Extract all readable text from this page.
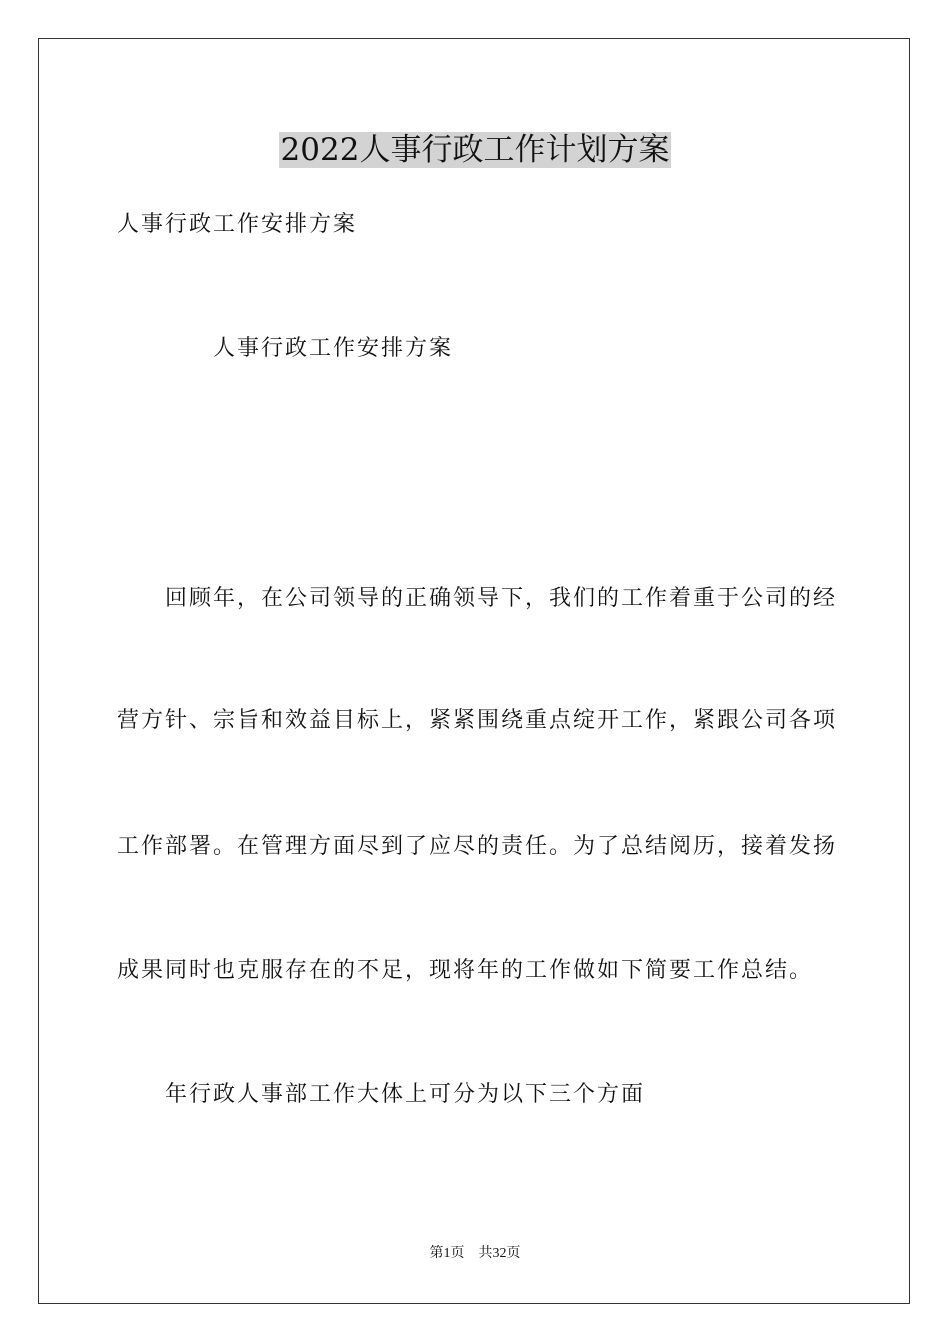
2022人事行政工作计划方案

人事行政工作安排方案

人事行政工作安排方案

回顾年，在公司领导的正确领导下，我们的工作着重于公司的经

营方针、宗旨和效益目标上，紧紧围绕重点绽开工作，紧跟公司各项

工作部署。在管理方面尽到了应尽的责任。为了总结阅历，接着发扬

成果同时也克服存在的不足，现将年的工作做如下简要工作总结。

年行政人事部工作大体上可分为以下三个方面

第1页    共32页
